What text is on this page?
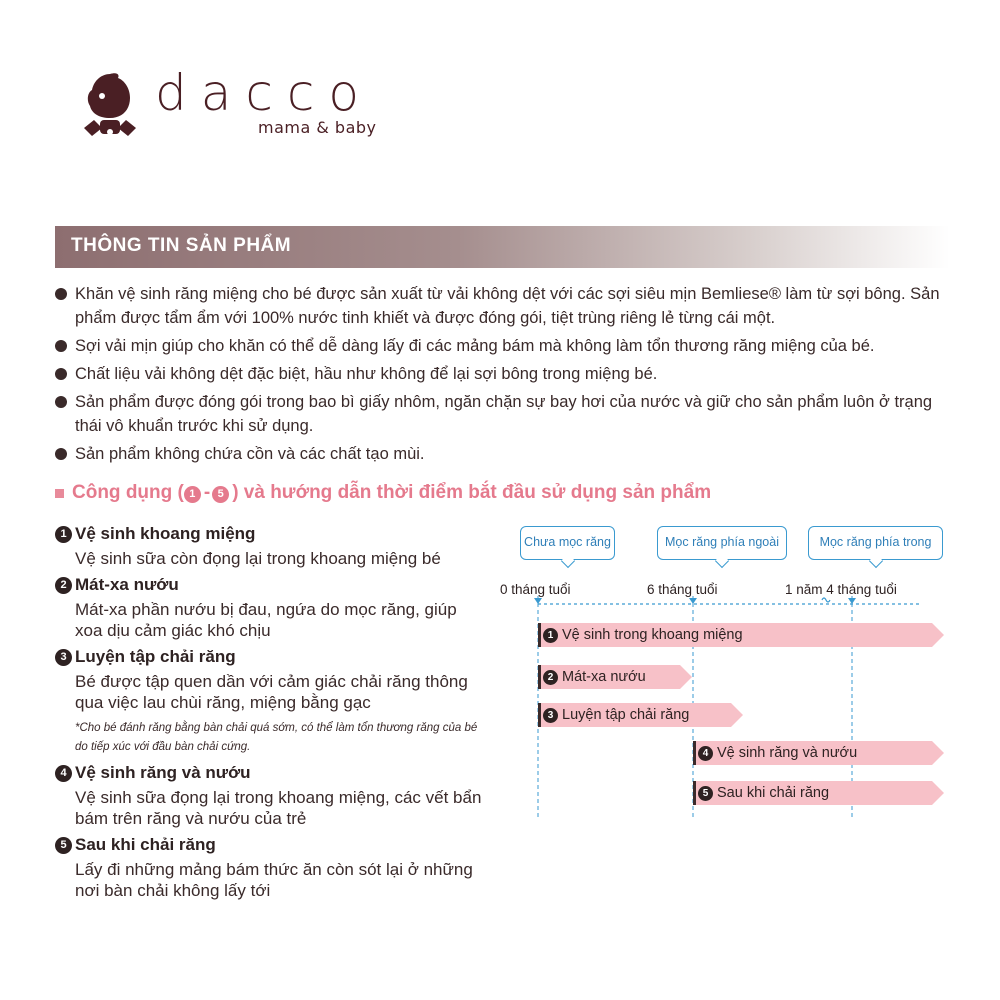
dacco
mama & baby
THÔNG TIN SẢN PHẨM
Khăn vệ sinh răng miệng cho bé được sản xuất từ vải không dệt với các sợi siêu mịn Bemliese® làm từ sợi bông. Sản phẩm được tẩm ẩm với 100% nước tinh khiết và được đóng gói, tiệt trùng riêng lẻ từng cái một.
Sợi vải mịn giúp cho khăn có thể dễ dàng lấy đi các mảng bám mà không làm tổn thương răng miệng của bé.
Chất liệu vải không dệt đặc biệt, hầu như không để lại sợi bông trong miệng bé.
Sản phẩm được đóng gói trong bao bì giấy nhôm, ngăn chặn sự bay hơi của nước và giữ cho sản phẩm luôn ở trạng thái vô khuẩn trước khi sử dụng.
Sản phẩm không chứa cồn và các chất tạo mùi.
Công dụng ( 1 - 5 ) và hướng dẫn thời điểm bắt đầu sử dụng sản phẩm
1 Vệ sinh khoang miệng
Vệ sinh sữa còn đọng lại trong khoang miệng bé
2 Mát-xa nướu
Mát-xa phần nướu bị đau, ngứa do mọc răng, giúp xoa dịu cảm giác khó chịu
3 Luyện tập chải răng
Bé được tập quen dần với cảm giác chải răng thông qua việc lau chùi răng, miệng bằng gạc
*Cho bé đánh răng bằng bàn chải quá sớm, có thể làm tổn thương răng của bé do tiếp xúc với đầu bàn chải cứng.
4 Vệ sinh răng và nướu
Vệ sinh sữa đọng lại trong khoang miệng, các vết bẩn bám trên răng và nướu của trẻ
5 Sau khi chải răng
Lấy đi những mảng bám thức ăn còn sót lại ở những nơi bàn chải không lấy tới
Chưa mọc răng	Mọc răng phía ngoài	Mọc răng phía trong
0 tháng tuổi	6 tháng tuổi	1 năm 4 tháng tuổi
1 Vệ sinh trong khoang miệng
2 Mát-xa nướu
3 Luyện tập chải răng
4 Vệ sinh răng và nướu
5 Sau khi chải răng
